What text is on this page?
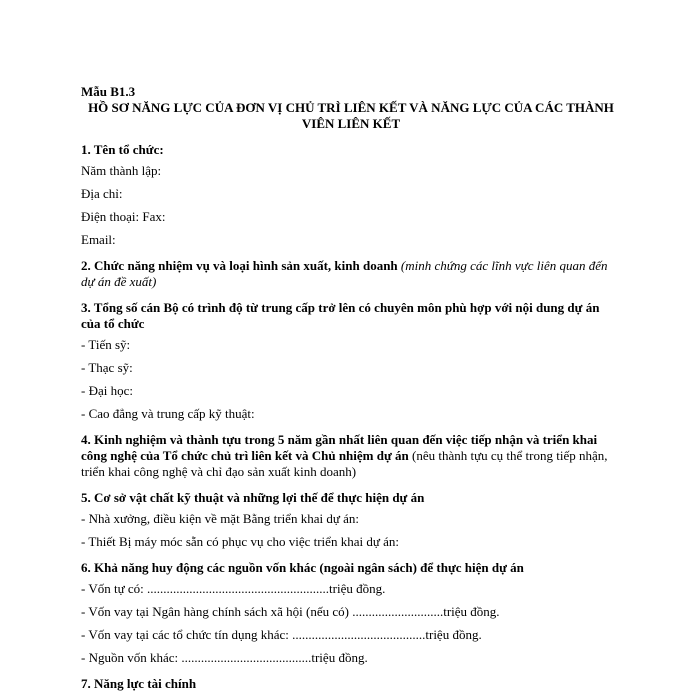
Mẫu B1.3

HỒ SƠ NĂNG LỰC CỦA ĐƠN VỊ CHỦ TRÌ LIÊN KẾT VÀ NĂNG LỰC CỦA CÁC THÀNH VIÊN LIÊN KẾT

1. Tên tổ chức:

Năm thành lập:

Địa chỉ:

Điện thoại: Fax:

Email:

2. Chức năng nhiệm vụ và loại hình sản xuất, kinh doanh (minh chứng các lĩnh vực liên quan đến dự án đề xuất)

3. Tổng số cán Bộ có trình độ từ trung cấp trở lên có chuyên môn phù hợp với nội dung dự án của tổ chức

- Tiến sỹ:

- Thạc sỹ:

- Đại học:

- Cao đẳng và trung cấp kỹ thuật:

4. Kinh nghiệm và thành tựu trong 5 năm gần nhất liên quan đến việc tiếp nhận và triển khai công nghệ của Tổ chức chủ trì liên kết và Chủ nhiệm dự án (nêu thành tựu cụ thể trong tiếp nhận, triển khai công nghệ và chỉ đạo sản xuất kinh doanh)

5. Cơ sở vật chất kỹ thuật và những lợi thế để thực hiện dự án

- Nhà xưởng, điều kiện về mặt Bằng triển khai dự án:

- Thiết Bị máy móc sẵn có phục vụ cho việc triển khai dự án:

6. Khả năng huy động các nguồn vốn khác (ngoài ngân sách) để thực hiện dự án

- Vốn tự có: ........................................................triệu đồng.

- Vốn vay tại Ngân hàng chính sách xã hội (nếu có) ............................triệu đồng.

- Vốn vay tại các tổ chức tín dụng khác: .........................................triệu đồng.

- Nguồn vốn khác: ........................................triệu đồng.

7. Năng lực tài chính
